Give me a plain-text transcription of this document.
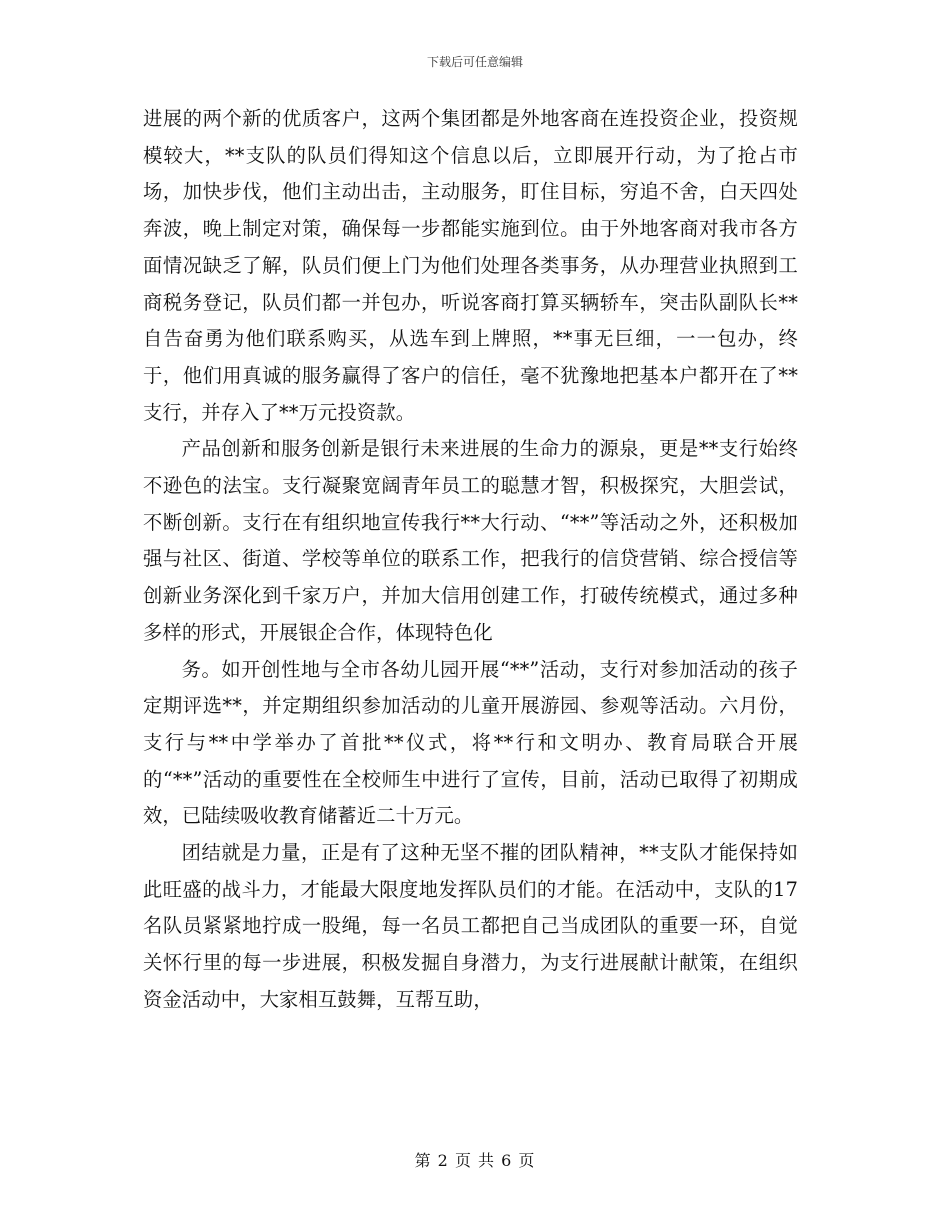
下载后可任意编辑

进展的两个新的优质客户，这两个集团都是外地客商在连投资企业，投资规模较大，**支队的队员们得知这个信息以后，立即展开行动，为了抢占市场，加快步伐，他们主动出击，主动服务，盯住目标，穷追不舍，白天四处奔波，晚上制定对策，确保每一步都能实施到位。由于外地客商对我市各方面情况缺乏了解，队员们便上门为他们处理各类事务，从办理营业执照到工商税务登记，队员们都一并包办，听说客商打算买辆轿车，突击队副队长**自告奋勇为他们联系购买，从选车到上牌照，**事无巨细，一一包办，终于，他们用真诚的服务赢得了客户的信任，毫不犹豫地把基本户都开在了**支行，并存入了**万元投资款。

产品创新和服务创新是银行未来进展的生命力的源泉，更是**支行始终不逊色的法宝。支行凝聚宽阔青年员工的聪慧才智，积极探究，大胆尝试，不断创新。支行在有组织地宣传我行**大行动、“**”等活动之外，还积极加强与社区、街道、学校等单位的联系工作，把我行的信贷营销、综合授信等创新业务深化到千家万户，并加大信用创建工作，打破传统模式，通过多种多样的形式，开展银企合作，体现特色化

务。如开创性地与全市各幼儿园开展“**”活动，支行对参加活动的孩子定期评选**，并定期组织参加活动的儿童开展游园、参观等活动。六月份，支行与**中学举办了首批**仪式，将**行和文明办、教育局联合开展的“**”活动的重要性在全校师生中进行了宣传，目前，活动已取得了初期成效，已陆续吸收教育储蓄近二十万元。

团结就是力量，正是有了这种无坚不摧的团队精神，**支队才能保持如此旺盛的战斗力，才能最大限度地发挥队员们的才能。在活动中，支队的17名队员紧紧地拧成一股绳，每一名员工都把自己当成团队的重要一环，自觉关怀行里的每一步进展，积极发掘自身潜力，为支行进展献计献策，在组织资金活动中，大家相互鼓舞，互帮互助，

第 2 页 共 6 页
